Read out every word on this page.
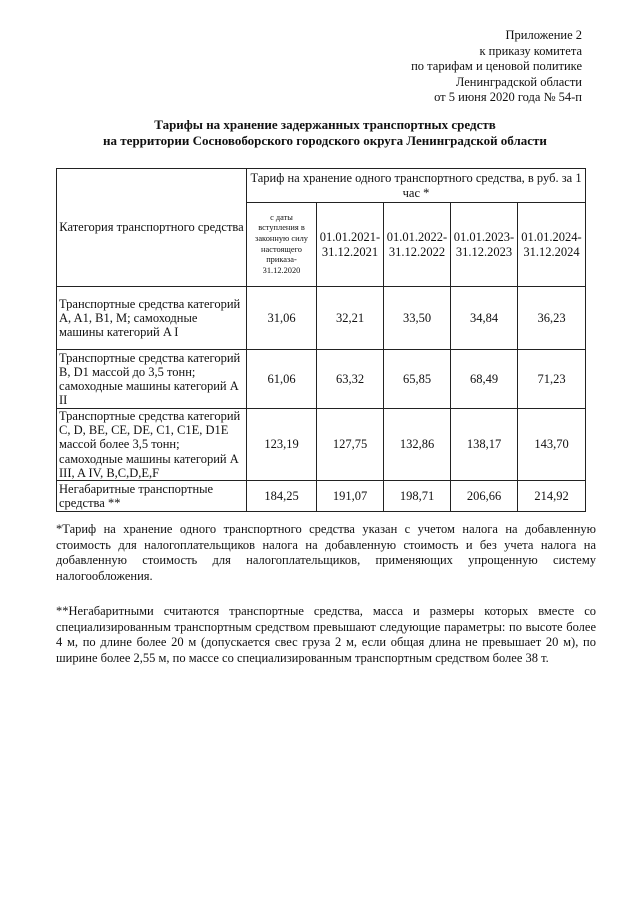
Приложение 2
к приказу комитета
по тарифам и ценовой политике
Ленинградской области
от 5 июня 2020 года № 54-п
Тарифы на хранение задержанных транспортных средств
на территории Сосновоборского городского округа Ленинградской области
Категория транспортного средства	Тариф на хранение одного транспортного средства, в руб. за 1 час *				
	с даты вступления в законную силу настоящего приказа- 31.12.2020	01.01.2021- 31.12.2021	01.01.2022- 31.12.2022	01.01.2023- 31.12.2023	01.01.2024- 31.12.2024
Транспортные средства категорий A, A1, B1, M; самоходные машины категорий A I	31,06	32,21	33,50	34,84	36,23
Транспортные средства категорий B, D1 массой до 3,5 тонн; самоходные машины категорий A II	61,06	63,32	65,85	68,49	71,23
Транспортные средства категорий C, D, BE, CE, DE, C1, C1E, D1E массой более 3,5 тонн; самоходные машины категорий A III, A IV, B,C,D,E,F	123,19	127,75	132,86	138,17	143,70
Негабаритные транспортные средства **	184,25	191,07	198,71	206,66	214,92

*Тариф на хранение одного транспортного средства указан с учетом налога на добавленную стоимость для налогоплательщиков налога на добавленную стоимость и без учета налога на добавленную стоимость для налогоплательщиков, применяющих упрощенную систему налогообложения.

**Негабаритными считаются транспортные средства, масса и размеры которых вместе со специализированным транспортным средством превышают следующие параметры: по высоте более 4 м, по длине более 20 м (допускается свес груза 2 м, если общая длина не превышает 20 м), по ширине более 2,55 м, по массе со специализированным транспортным средством более 38 т.
